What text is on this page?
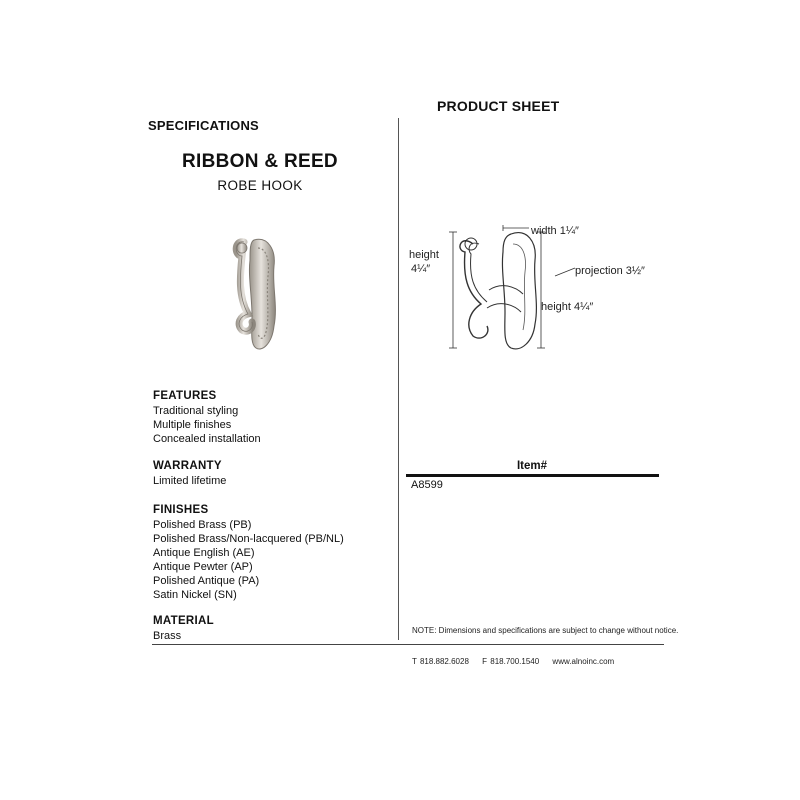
PRODUCT SHEET
SPECIFICATIONS
RIBBON & REED
ROBE HOOK
height
4¼″
width 1¼″
projection 3½″
height 4¼″
FEATURES
Traditional styling
Multiple finishes
Concealed installation
WARRANTY
Limited lifetime
FINISHES
Polished Brass (PB)
Polished Brass/Non-lacquered (PB/NL)
Antique English (AE)
Antique Pewter (AP)
Polished Antique (PA)
Satin Nickel (SN)
MATERIAL
Brass
Item#
A8599
NOTE: Dimensions and specifications are subject to change without notice.
T 818.882.6028 F 818.700.1540 www.alnoinc.com
